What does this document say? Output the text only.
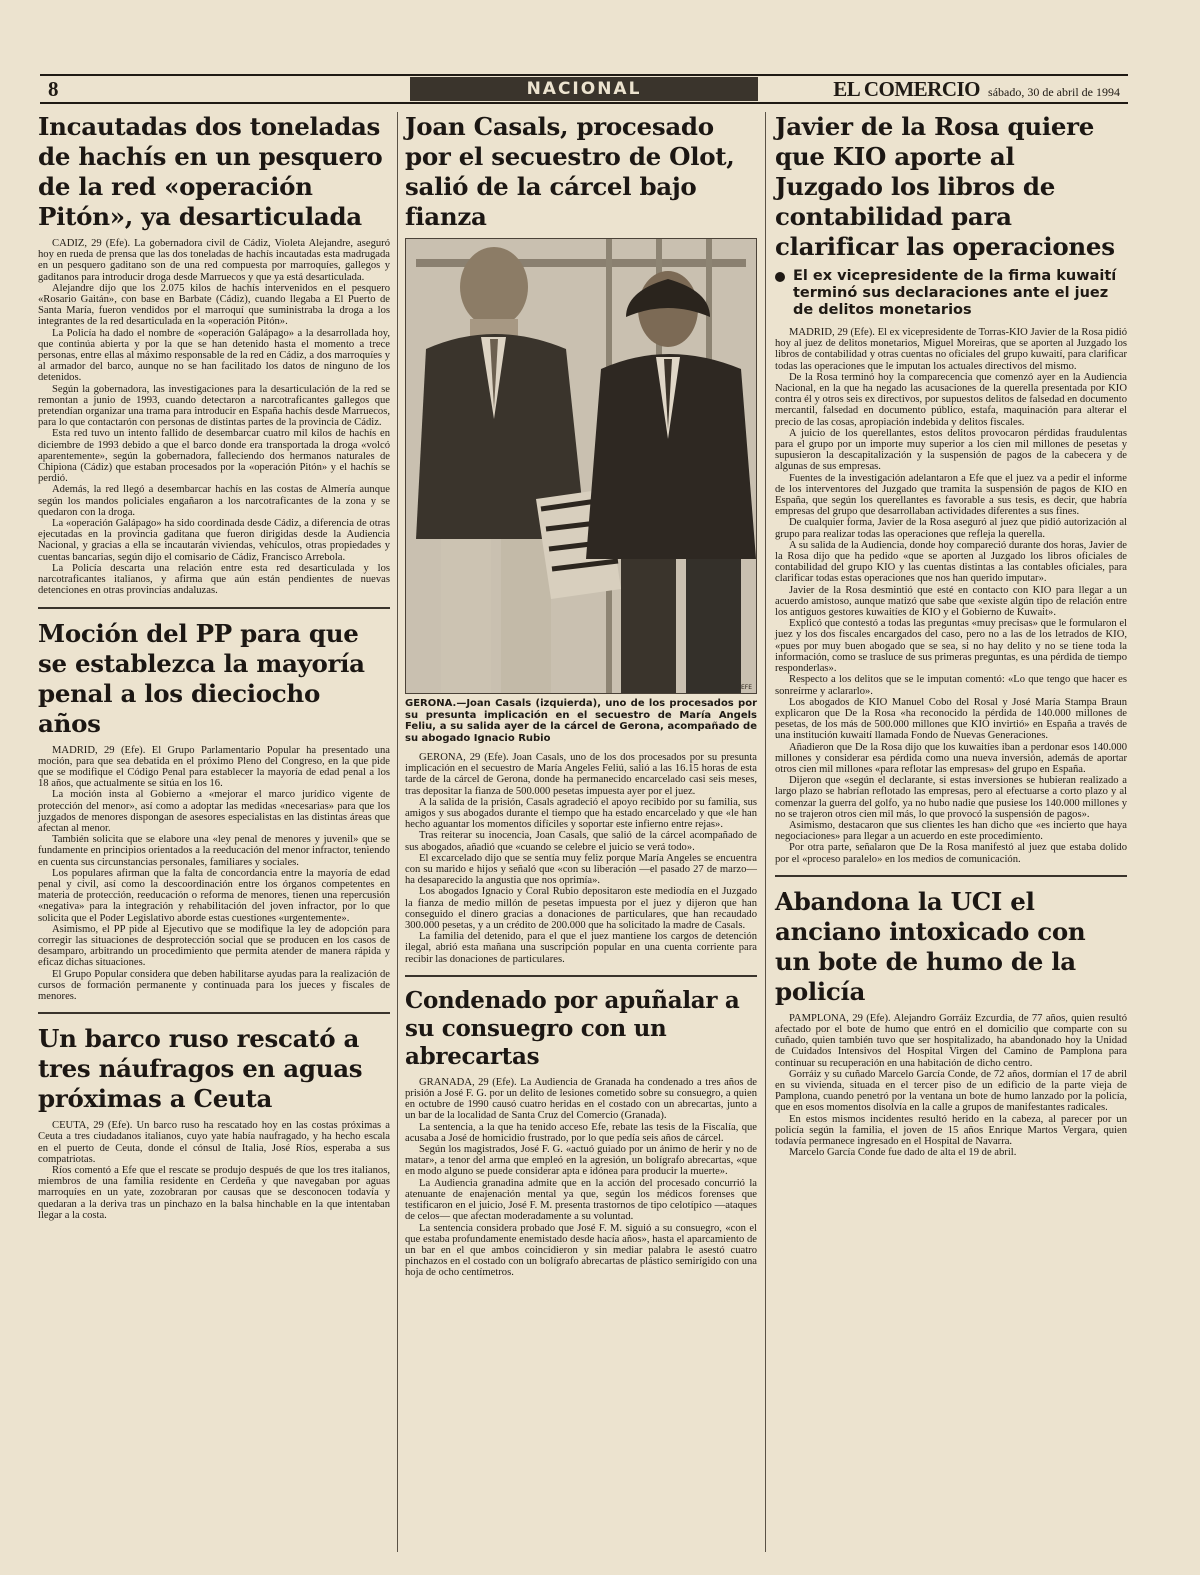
8	NACIONAL	EL COMERCIO sábado, 30 de abril de 1994
Incautadas dos toneladas de hachís en un pesquero de la red «operación Pitón», ya desarticulada

CADIZ, 29 (Efe). La gobernadora civil de Cádiz, Violeta Alejandre, aseguró hoy en rueda de prensa que las dos toneladas de hachís incautadas esta madrugada en un pesquero gaditano son de una red compuesta por marroquíes, gallegos y gaditanos para introducir droga desde Marruecos y que ya está desarticulada.

Alejandre dijo que los 2.075 kilos de hachís intervenidos en el pesquero «Rosario Gaitán», con base en Barbate (Cádiz), cuando llegaba a El Puerto de Santa María, fueron vendidos por el marroquí que suministraba la droga a los integrantes de la red desarticulada en la «operación Pitón».

La Policía ha dado el nombre de «operación Galápago» a la desarrollada hoy, que continúa abierta y por la que se han detenido hasta el momento a trece personas, entre ellas al máximo responsable de la red en Cádiz, a dos marroquíes y al armador del barco, aunque no se han facilitado los datos de ninguno de los detenidos.

Según la gobernadora, las investigaciones para la desarticulación de la red se remontan a junio de 1993, cuando detectaron a narcotraficantes gallegos que pretendían organizar una trama para introducir en España hachís desde Marruecos, para lo que contactarón con personas de distintas partes de la provincia de Cádiz.

Esta red tuvo un intento fallido de desembarcar cuatro mil kilos de hachís en diciembre de 1993 debido a que el barco donde era transportada la droga «volcó aparentemente», según la gobernadora, falleciendo dos hermanos naturales de Chipiona (Cádiz) que estaban procesados por la «operación Pitón» y el hachís se perdió.

Además, la red llegó a desembarcar hachís en las costas de Almería aunque según los mandos policiales engañaron a los narcotraficantes de la zona y se quedaron con la droga.

La «operación Galápago» ha sido coordinada desde Cádiz, a diferencia de otras ejecutadas en la provincia gaditana que fueron dirigidas desde la Audiencia Nacional, y gracias a ella se incautarán viviendas, vehículos, otras propiedades y cuentas bancarias, según dijo el comisario de Cádiz, Francisco Arrebola.

La Policía descarta una relación entre esta red desarticulada y los narcotraficantes italianos, y afirma que aún están pendientes de nuevas detenciones en otras provincias andaluzas.

Moción del PP para que se establezca la mayoría penal a los dieciocho años

MADRID, 29 (Efe). El Grupo Parlamentario Popular ha presentado una moción, para que sea debatida en el próximo Pleno del Congreso, en la que pide que se modifique el Código Penal para establecer la mayoría de edad penal a los 18 años, que actualmente se sitúa en los 16.

La moción insta al Gobierno a «mejorar el marco jurídico vigente de protección del menor», así como a adoptar las medidas «necesarias» para que los juzgados de menores dispongan de asesores especialistas en las distintas áreas que afectan al menor.

También solicita que se elabore una «ley penal de menores y juvenil» que se fundamente en principios orientados a la reeducación del menor infractor, teniendo en cuenta sus circunstancias personales, familiares y sociales.

Los populares afirman que la falta de concordancia entre la mayoría de edad penal y civil, así como la descoordinación entre los órganos competentes en materia de protección, reeducación o reforma de menores, tienen una repercusión «negativa» para la integración y rehabilitación del joven infractor, por lo que solicita que el Poder Legislativo aborde estas cuestiones «urgentemente».

Asimismo, el PP pide al Ejecutivo que se modifique la ley de adopción para corregir las situaciones de desprotección social que se producen en los casos de desamparo, arbitrando un procedimiento que permita atender de manera rápida y eficaz dichas situaciones.

El Grupo Popular considera que deben habilitarse ayudas para la realización de cursos de formación permanente y continuada para los jueces y fiscales de menores.

Un barco ruso rescató a tres náufragos en aguas próximas a Ceuta

CEUTA, 29 (Efe). Un barco ruso ha rescatado hoy en las costas próximas a Ceuta a tres ciudadanos italianos, cuyo yate había naufragado, y ha hecho escala en el puerto de Ceuta, donde el cónsul de Italia, José Ríos, esperaba a sus compatriotas.

Ríos comentó a Efe que el rescate se produjo después de que los tres italianos, miembros de una familia residente en Cerdeña y que navegaban por aguas marroquíes en un yate, zozobraran por causas que se desconocen todavía y quedaran a la deriva tras un pinchazo en la balsa hinchable en la que intentaban llegar a la costa.

Joan Casals, procesado por el secuestro de Olot, salió de la cárcel bajo fianza
EFE
GERONA.—Joan Casals (izquierda), uno de los procesados por su presunta implicación en el secuestro de María Angels Feliu, a su salida ayer de la cárcel de Gerona, acompañado de su abogado Ignacio Rubio

GERONA, 29 (Efe). Joan Casals, uno de los dos procesados por su presunta implicación en el secuestro de María Angeles Feliú, salió a las 16.15 horas de esta tarde de la cárcel de Gerona, donde ha permanecido encarcelado casi seis meses, tras depositar la fianza de 500.000 pesetas impuesta ayer por el juez.

A la salida de la prisión, Casals agradeció el apoyo recibido por su familia, sus amigos y sus abogados durante el tiempo que ha estado encarcelado y que «le han hecho aguantar los momentos difíciles y soportar este infierno entre rejas».

Tras reiterar su inocencia, Joan Casals, que salió de la cárcel acompañado de sus abogados, añadió que «cuando se celebre el juicio se verá todo».

El excarcelado dijo que se sentía muy feliz porque María Angeles se encuentra con su marido e hijos y señaló que «con su liberación —el pasado 27 de marzo— ha desaparecido la angustia que nos oprimía».

Los abogados Ignacio y Coral Rubio depositaron este mediodía en el Juzgado la fianza de medio millón de pesetas impuesta por el juez y dijeron que han conseguido el dinero gracias a donaciones de particulares, que han recaudado 300.000 pesetas, y a un crédito de 200.000 que ha solicitado la madre de Casals.

La familia del detenido, para el que el juez mantiene los cargos de detención ilegal, abrió esta mañana una suscripción popular en una cuenta corriente para recibir las donaciones de particulares.

Condenado por apuñalar a su consuegro con un abrecartas

GRANADA, 29 (Efe). La Audiencia de Granada ha condenado a tres años de prisión a José F. G. por un delito de lesiones cometido sobre su consuegro, a quien en octubre de 1990 causó cuatro heridas en el costado con un abrecartas, junto a un bar de la localidad de Santa Cruz del Comercio (Granada).

La sentencia, a la que ha tenido acceso Efe, rebate las tesis de la Fiscalía, que acusaba a José de homicidio frustrado, por lo que pedía seis años de cárcel.

Según los magistrados, José F. G. «actuó guiado por un ánimo de herir y no de matar», a tenor del arma que empleó en la agresión, un bolígrafo abrecartas, «que en modo alguno se puede considerar apta e idónea para producir la muerte».

La Audiencia granadina admite que en la acción del procesado concurrió la atenuante de enajenación mental ya que, según los médicos forenses que testificaron en el juicio, José F. M. presenta trastornos de tipo celotípico —ataques de celos— que afectan moderadamente a su voluntad.

La sentencia considera probado que José F. M. siguió a su consuegro, «con el que estaba profundamente enemistado desde hacía años», hasta el aparcamiento de un bar en el que ambos coincidieron y sin mediar palabra le asestó cuatro pinchazos en el costado con un bolígrafo abrecartas de plástico semirígido con una hoja de ocho centímetros.

Javier de la Rosa quiere que KIO aporte al Juzgado los libros de contabilidad para clarificar las operaciones
El ex vicepresidente de la firma kuwaití terminó sus declaraciones ante el juez de delitos monetarios

MADRID, 29 (Efe). El ex vicepresidente de Torras-KIO Javier de la Rosa pidió hoy al juez de delitos monetarios, Miguel Moreiras, que se aporten al Juzgado los libros de contabilidad y otras cuentas no oficiales del grupo kuwaití, para clarificar todas las operaciones que le imputan los actuales directivos del mismo.

De la Rosa terminó hoy la comparecencia que comenzó ayer en la Audiencia Nacional, en la que ha negado las acusaciones de la querella presentada por KIO contra él y otros seis ex directivos, por supuestos delitos de falsedad en documento mercantil, falsedad en documento público, estafa, maquinación para alterar el precio de las cosas, apropiación indebida y delitos fiscales.

A juicio de los querellantes, estos delitos provocaron pérdidas fraudulentas para el grupo por un importe muy superior a los cien mil millones de pesetas y supusieron la descapitalización y la suspensión de pagos de la cabecera y de algunas de sus empresas.

Fuentes de la investigación adelantaron a Efe que el juez va a pedir el informe de los interventores del Juzgado que tramita la suspensión de pagos de KIO en España, que según los querellantes es favorable a sus tesis, es decir, que habría empresas del grupo que desarrollaban actividades diferentes a sus fines.

De cualquier forma, Javier de la Rosa aseguró al juez que pidió autorización al grupo para realizar todas las operaciones que refleja la querella.

A su salida de la Audiencia, donde hoy compareció durante dos horas, Javier de la Rosa dijo que ha pedido «que se aporten al Juzgado los libros oficiales de contabilidad del grupo KIO y las cuentas distintas a las contables oficiales, para clarificar todas estas operaciones que nos han querido imputar».

Javier de la Rosa desmintió que esté en contacto con KIO para llegar a un acuerdo amistoso, aunque matizó que sabe que «existe algún tipo de relación entre los antiguos gestores kuwaitíes de KIO y el Gobierno de Kuwait».

Explicó que contestó a todas las preguntas «muy precisas» que le formularon el juez y los dos fiscales encargados del caso, pero no a las de los letrados de KIO, «pues por muy buen abogado que se sea, si no hay delito y no se tiene toda la información, como se trasluce de sus primeras preguntas, es una pérdida de tiempo responderlas».

Respecto a los delitos que se le imputan comentó: «Lo que tengo que hacer es sonreírme y aclararlo».

Los abogados de KIO Manuel Cobo del Rosal y José María Stampa Braun explicaron que De la Rosa «ha reconocido la pérdida de 140.000 millones de pesetas, de los más de 500.000 millones que KIO invirtió» en España a través de una institución kuwaití llamada Fondo de Nuevas Generaciones.

Añadieron que De la Rosa dijo que los kuwaitíes iban a perdonar esos 140.000 millones y considerar esa pérdida como una nueva inversión, además de aportar otros cien mil millones «para reflotar las empresas» del grupo en España.

Dijeron que «según el declarante, si estas inversiones se hubieran realizado a largo plazo se habrían reflotado las empresas, pero al efectuarse a corto plazo y al comenzar la guerra del golfo, ya no hubo nadie que pusiese los 140.000 millones y no se trajeron otros cien mil más, lo que provocó la suspensión de pagos».

Asimismo, destacaron que sus clientes les han dicho que «es incierto que haya negociaciones» para llegar a un acuerdo en este procedimiento.

Por otra parte, señalaron que De la Rosa manifestó al juez que estaba dolido por el «proceso paralelo» en los medios de comunicación.

Abandona la UCI el anciano intoxicado con un bote de humo de la policía

PAMPLONA, 29 (Efe). Alejandro Gorráiz Ezcurdia, de 77 años, quien resultó afectado por el bote de humo que entró en el domicilio que comparte con su cuñado, quien también tuvo que ser hospitalizado, ha abandonado hoy la Unidad de Cuidados Intensivos del Hospital Virgen del Camino de Pamplona para continuar su recuperación en una habitación de dicho centro.

Gorráiz y su cuñado Marcelo García Conde, de 72 años, dormían el 17 de abril en su vivienda, situada en el tercer piso de un edificio de la parte vieja de Pamplona, cuando penetró por la ventana un bote de humo lanzado por la policía, que en esos momentos disolvía en la calle a grupos de manifestantes radicales.

En estos mismos incidentes resultó herido en la cabeza, al parecer por un policía según la familia, el joven de 15 años Enrique Martos Vergara, quien todavía permanece ingresado en el Hospital de Navarra.

Marcelo García Conde fue dado de alta el 19 de abril.
